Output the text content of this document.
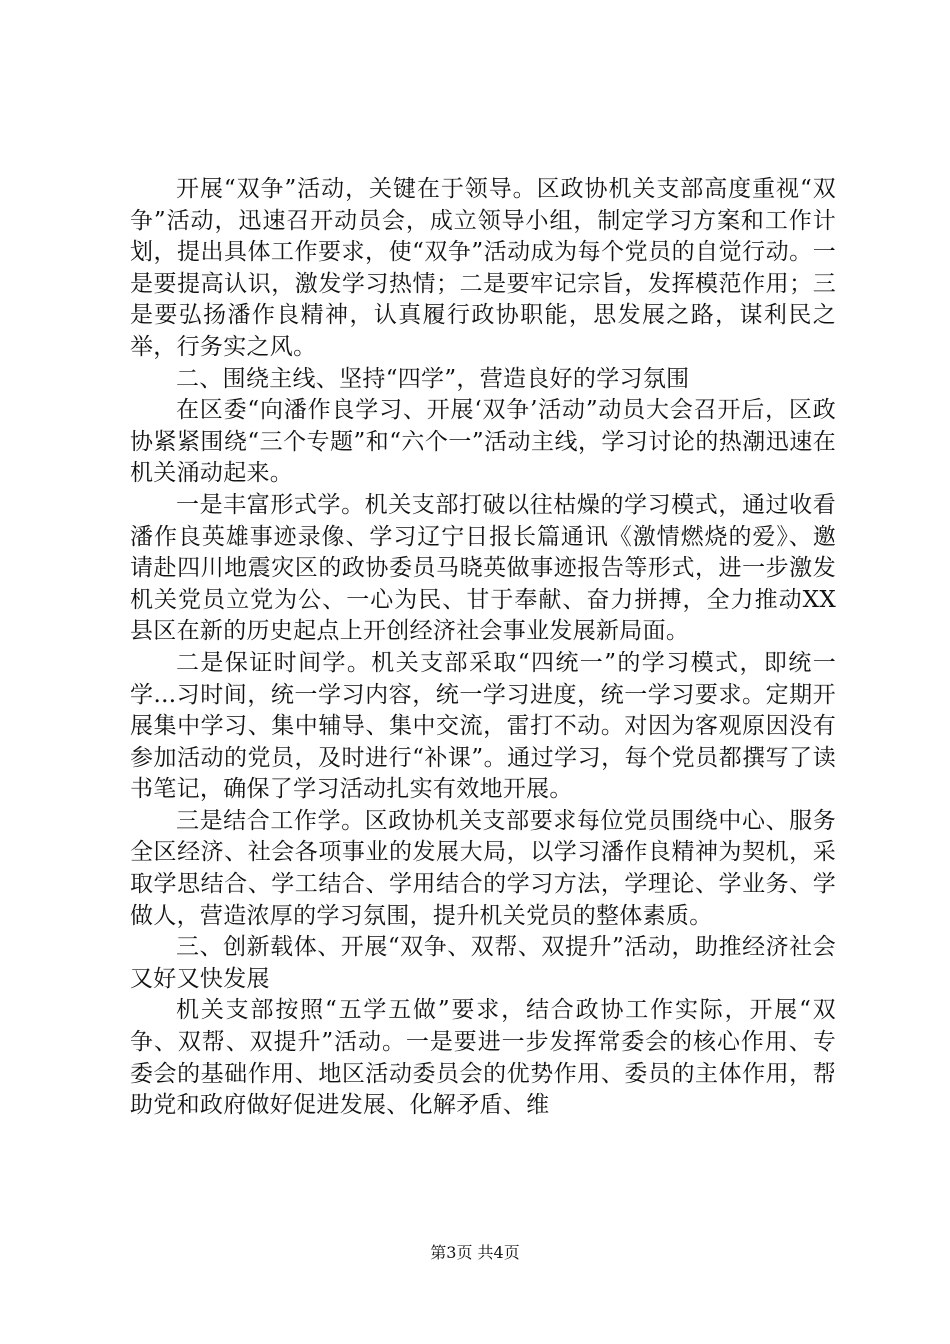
开展“双争”活动，关键在于领导。区政协机关支部高度重视“双争”活动，迅速召开动员会，成立领导小组，制定学习方案和工作计划，提出具体工作要求，使“双争”活动成为每个党员的自觉行动。一是要提高认识，激发学习热情；二是要牢记宗旨，发挥模范作用；三是要弘扬潘作良精神，认真履行政协职能，思发展之路，谋利民之举，行务实之风。

二、围绕主线、坚持“四学”，营造良好的学习氛围

在区委“向潘作良学习、开展‘双争’活动”动员大会召开后，区政协紧紧围绕“三个专题”和“六个一”活动主线，学习讨论的热潮迅速在机关涌动起来。

一是丰富形式学。机关支部打破以往枯燥的学习模式，通过收看潘作良英雄事迹录像、学习辽宁日报长篇通讯《激情燃烧的爱》、邀请赴四川地震灾区的政协委员马晓英做事迹报告等形式，进一步激发机关党员立党为公、一心为民、甘于奉献、奋力拼搏，全力推动XX县区在新的历史起点上开创经济社会事业发展新局面。

二是保证时间学。机关支部采取“四统一”的学习模式，即统一学...习时间，统一学习内容，统一学习进度，统一学习要求。定期开展集中学习、集中辅导、集中交流，雷打不动。对因为客观原因没有参加活动的党员，及时进行“补课”。通过学习，每个党员都撰写了读书笔记，确保了学习活动扎实有效地开展。

三是结合工作学。区政协机关支部要求每位党员围绕中心、服务全区经济、社会各项事业的发展大局，以学习潘作良精神为契机，采取学思结合、学工结合、学用结合的学习方法，学理论、学业务、学做人，营造浓厚的学习氛围，提升机关党员的整体素质。

三、创新载体、开展“双争、双帮、双提升”活动，助推经济社会又好又快发展

机关支部按照“五学五做”要求，结合政协工作实际，开展“双争、双帮、双提升”活动。一是要进一步发挥常委会的核心作用、专委会的基础作用、地区活动委员会的优势作用、委员的主体作用，帮助党和政府做好促进发展、化解矛盾、维

第3页 共4页
